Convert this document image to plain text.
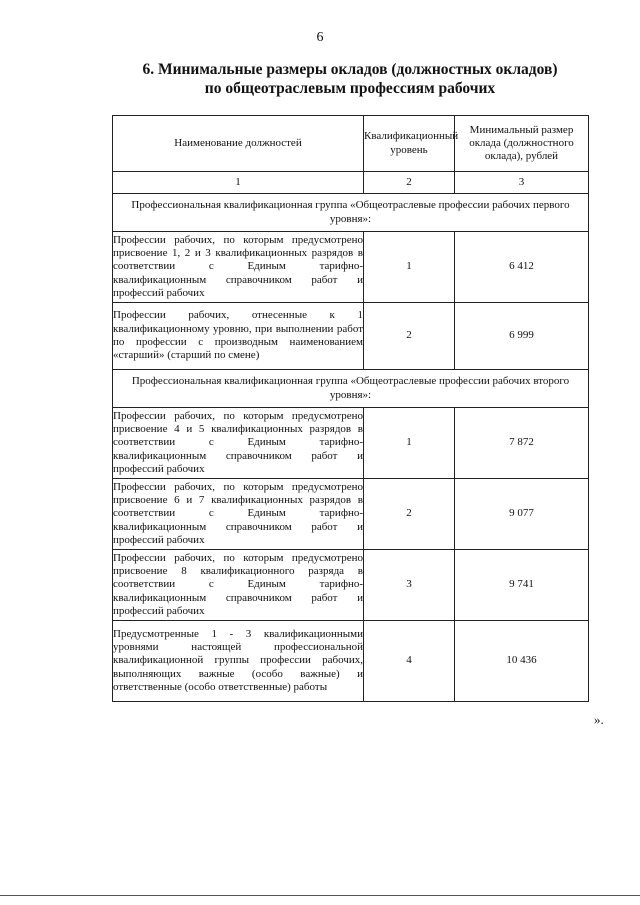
6
6. Минимальные размеры окладов (должностных окладов)
по общеотраслевым профессиям рабочих
Наименование должностей	Квалификационный уровень	Минимальный размер оклада (должностного оклада), рублей
1	2	3
Профессиональная квалификационная группа «Общеотраслевые профессии рабочих первого уровня»:		
Профессии рабочих, по которым предусмотрено присвоение 1, 2 и 3 квалификационных разрядов в соответствии с Единым тарифно-квалификационным справочником работ и профессий рабочих	1	6 412
Профессии рабочих, отнесенные к 1 квалификационному уровню, при выполнении работ по профессии с производным наименованием «старший» (старший по смене)	2	6 999
Профессиональная квалификационная группа «Общеотраслевые профессии рабочих второго уровня»:		
Профессии рабочих, по которым предусмотрено присвоение 4 и 5 квалификационных разрядов в соответствии с Единым тарифно-квалификационным справочником работ и профессий рабочих	1	7 872
Профессии рабочих, по которым предусмотрено присвоение 6 и 7 квалификационных разрядов в соответствии с Единым тарифно-квалификационным справочником работ и профессий рабочих	2	9 077
Профессии рабочих, по которым предусмотрено присвоение 8 квалификационного разряда в соответствии с Единым тарифно-квалификационным справочником работ и профессий рабочих	3	9 741
Предусмотренные 1 - 3 квалификационными уровнями настоящей профессиональной квалификационной группы профессии рабочих, выполняющих важные (особо важные) и ответственные (особо ответственные) работы	4	10 436
».
